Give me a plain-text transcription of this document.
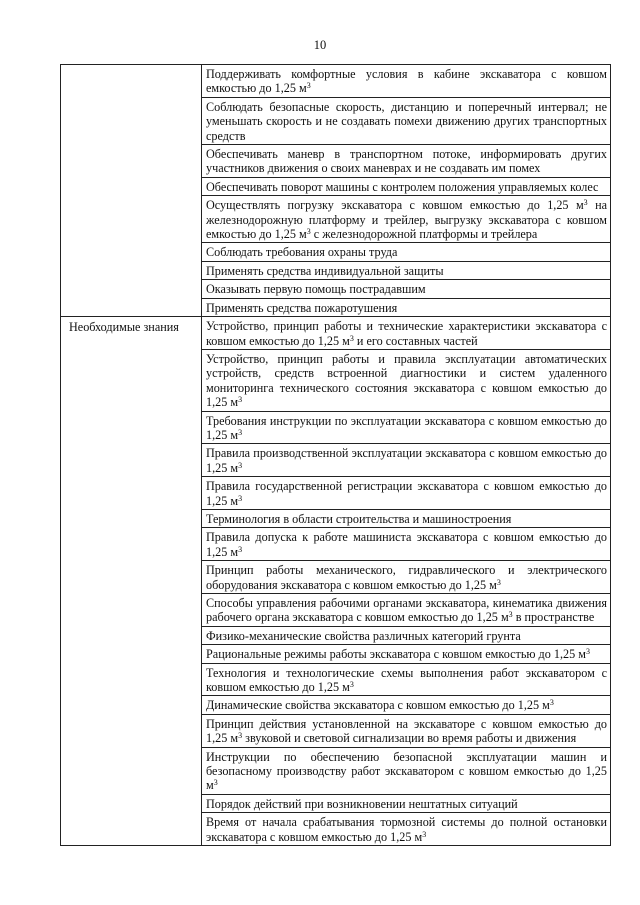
10
	Поддерживать комфортные условия в кабине экскаватора с ковшом емкостью до 1,25 $м^3$
	Соблюдать безопасные скорость, дистанцию и поперечный интервал; не уменьшать скорость и не создавать помехи движению других транспортных средств
	Обеспечивать маневр в транспортном потоке, информировать других участников движения о своих маневрах и не создавать им помех
	Обеспечивать поворот машины с контролем положения управляемых колес
	Осуществлять погрузку экскаватора с ковшом емкостью до 1,25 $м^3$ на железнодорожную платформу и трейлер, выгрузку экскаватора с ковшом емкостью до 1,25 $м^3$ с железнодорожной платформы и трейлера
	Соблюдать требования охраны труда
	Применять средства индивидуальной защиты
	Оказывать первую помощь пострадавшим
	Применять средства пожаротушения
Необходимые знания	Устройство, принцип работы и технические характеристики экскаватора с ковшом емкостью до 1,25 $м^3$ и его составных частей
	Устройство, принцип работы и правила эксплуатации автоматических устройств, средств встроенной диагностики и систем удаленного мониторинга технического состояния экскаватора с ковшом емкостью до 1,25 $м^3$
	Требования инструкции по эксплуатации экскаватора с ковшом емкостью до 1,25 $м^3$
	Правила производственной эксплуатации экскаватора с ковшом емкостью до 1,25 $м^3$
	Правила государственной регистрации экскаватора с ковшом емкостью до 1,25 $м^3$
	Терминология в области строительства и машиностроения
	Правила допуска к работе машиниста экскаватора с ковшом емкостью до 1,25 $м^3$
	Принцип работы механического, гидравлического и электрического оборудования экскаватора с ковшом емкостью до 1,25 $м^3$
	Способы управления рабочими органами экскаватора, кинематика движения рабочего органа экскаватора с ковшом емкостью до 1,25 $м^3$ в пространстве
	Физико-механические свойства различных категорий грунта
	Рациональные режимы работы экскаватора с ковшом емкостью до 1,25 $м^3$
	Технология и технологические схемы выполнения работ экскаватором с ковшом емкостью до 1,25 $м^3$
	Динамические свойства экскаватора с ковшом емкостью до 1,25 $м^3$
	Принцип действия установленной на экскаваторе с ковшом емкостью до 1,25 $м^3$ звуковой и световой сигнализации во время работы и движения
	Инструкции по обеспечению безопасной эксплуатации машин и безопасному производству работ экскаватором с ковшом емкостью до 1,25 $м^3$
	Порядок действий при возникновении нештатных ситуаций
	Время от начала срабатывания тормозной системы до полной остановки экскаватора с ковшом емкостью до 1,25 $м^3$
